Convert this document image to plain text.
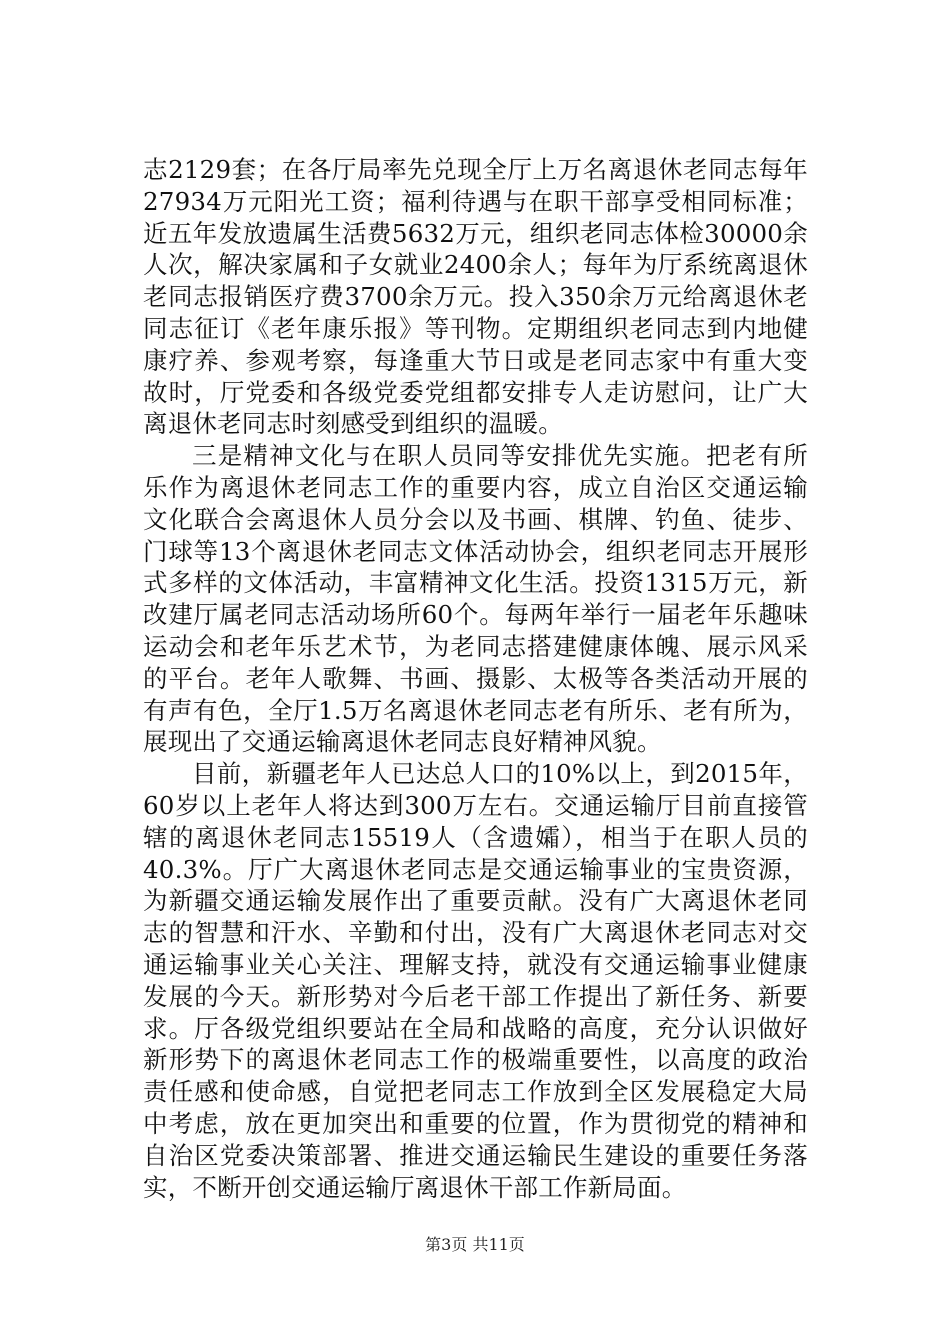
志2129套；在各厅局率先兑现全厅上万名离退休老同志每年27934万元阳光工资；福利待遇与在职干部享受相同标准；近五年发放遗属生活费5632万元，组织老同志体检30000余人次，解决家属和子女就业2400余人；每年为厅系统离退休老同志报销医疗费3700余万元。投入350余万元给离退休老同志征订《老年康乐报》等刊物。定期组织老同志到内地健康疗养、参观考察，每逢重大节日或是老同志家中有重大变故时，厅党委和各级党委党组都安排专人走访慰问，让广大离退休老同志时刻感受到组织的温暖。

三是精神文化与在职人员同等安排优先实施。把老有所乐作为离退休老同志工作的重要内容，成立自治区交通运输文化联合会离退休人员分会以及书画、棋牌、钓鱼、徒步、门球等13个离退休老同志文体活动协会，组织老同志开展形式多样的文体活动，丰富精神文化生活。投资1315万元，新改建厅属老同志活动场所60个。每两年举行一届老年乐趣味运动会和老年乐艺术节，为老同志搭建健康体魄、展示风采的平台。老年人歌舞、书画、摄影、太极等各类活动开展的有声有色，全厅1.5万名离退休老同志老有所乐、老有所为，展现出了交通运输离退休老同志良好精神风貌。

目前，新疆老年人已达总人口的10%以上，到2015年，60岁以上老年人将达到300万左右。交通运输厅目前直接管辖的离退休老同志15519人（含遗孀），相当于在职人员的40.3%。厅广大离退休老同志是交通运输事业的宝贵资源，为新疆交通运输发展作出了重要贡献。没有广大离退休老同志的智慧和汗水、辛勤和付出，没有广大离退休老同志对交通运输事业关心关注、理解支持，就没有交通运输事业健康发展的今天。新形势对今后老干部工作提出了新任务、新要求。厅各级党组织要站在全局和战略的高度，充分认识做好新形势下的离退休老同志工作的极端重要性，以高度的政治责任感和使命感，自觉把老同志工作放到全区发展稳定大局中考虑，放在更加突出和重要的位置，作为贯彻党的精神和自治区党委决策部署、推进交通运输民生建设的重要任务落实，不断开创交通运输厅离退休干部工作新局面。

第3页 共11页
